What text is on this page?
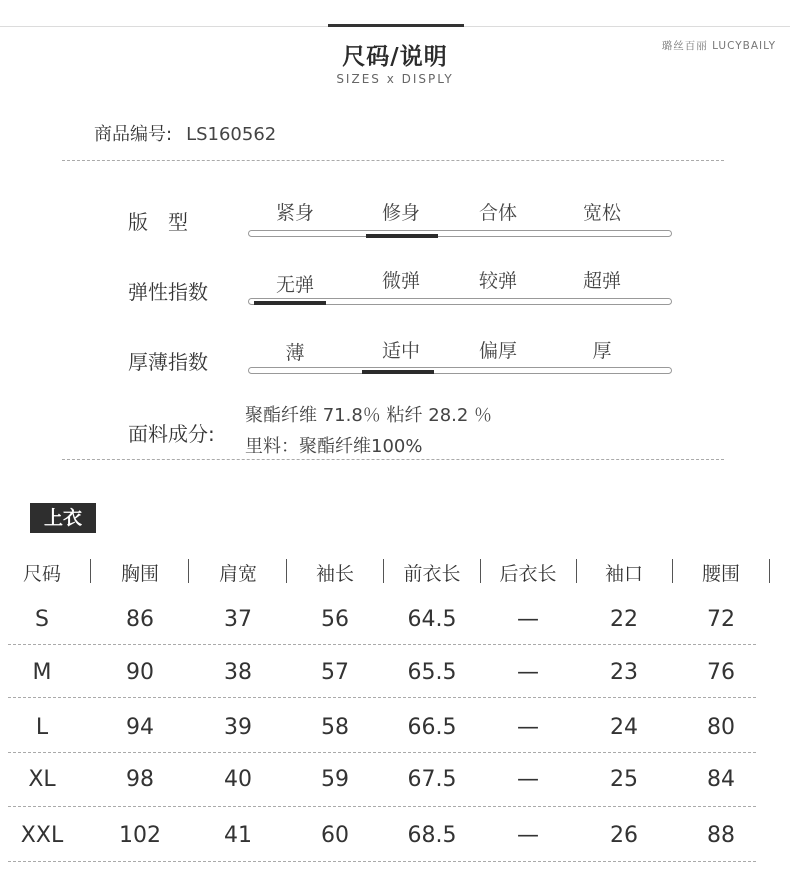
尺码/说明
SIZES x DISPLY
璐丝百丽 LUCYBAILY
商品编号: LS160562
版　型	紧身	修身	合体	宽松
弹性指数	无弹	微弹	较弹	超弹
厚薄指数	薄	适中	偏厚	厚
面料成分:
聚酯纤维 71.8％ 粘纤 28.2 ％
里料：聚酯纤维100%
上衣
尺码	胸围	肩宽	袖长	前衣长	后衣长	袖口	腰围
S	86	37	56	64.5	—	22	72
M	90	38	57	65.5	—	23	76
L	94	39	58	66.5	—	24	80
XL	98	40	59	67.5	—	25	84
XXL	102	41	60	68.5	—	26	88
